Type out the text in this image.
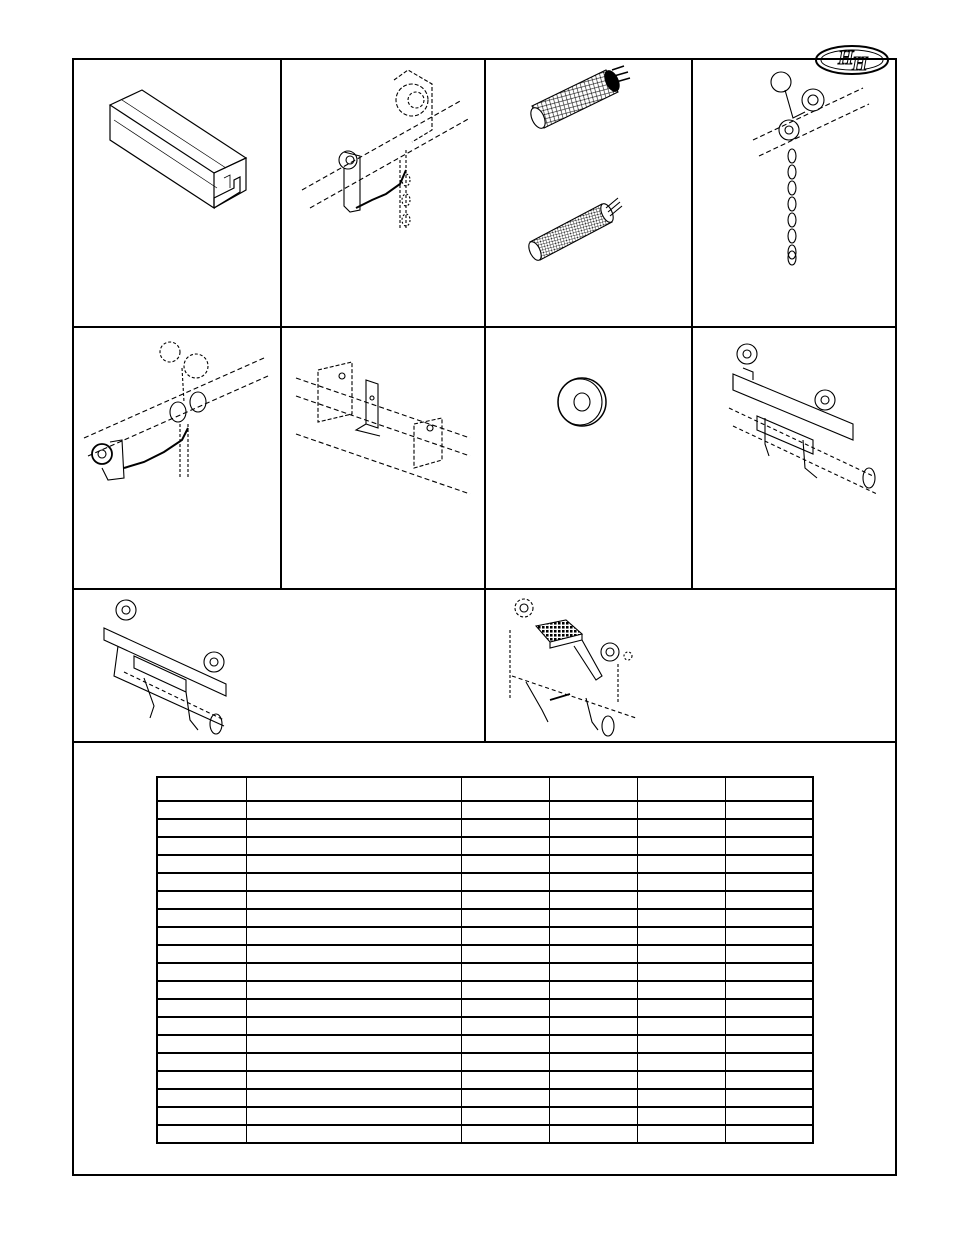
H
H
